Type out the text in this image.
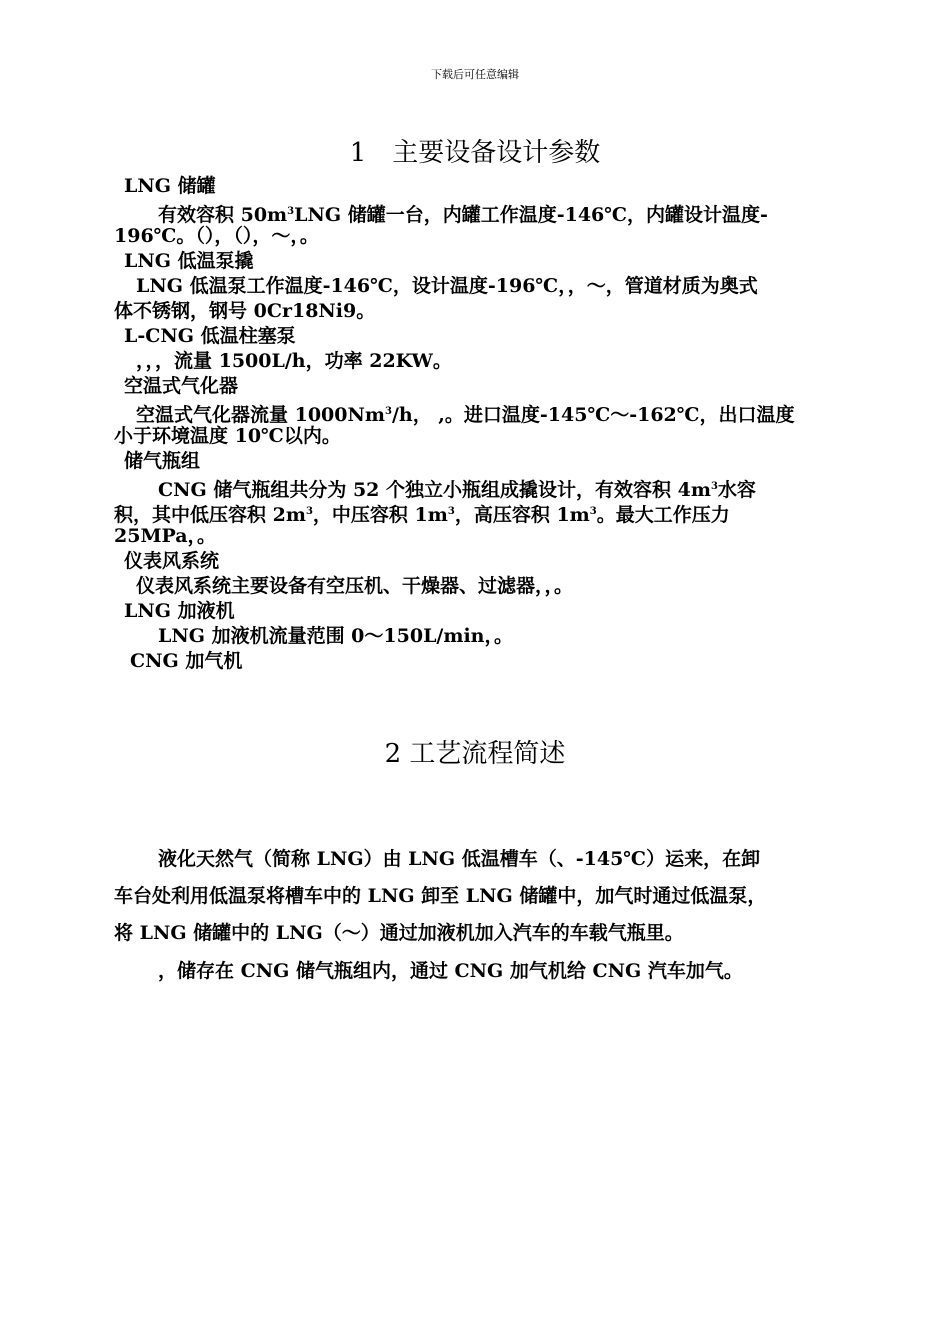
下载后可任意编辑
1　主要设备设计参数
LNG 储罐
有效容积 $50m^3LNG$ 储罐一台，内罐工作温度-146℃，内罐设计温度-
196℃。（），（），～，。
LNG 低温泵撬
LNG 低温泵工作温度-146℃，设计温度-196℃，，～，管道材质为奥式
体不锈钢，钢号 0Cr18Ni9。
L-CNG 低温柱塞泵
，，，流量 1500L/h，功率 22KW。
空温式气化器
空温式气化器流量 1000Nm$^3$/h， ,。进口温度-145℃～-162℃，出口温度
小于环境温度 10℃以内。
储气瓶组
CNG 储气瓶组共分为 52 个独立小瓶组成撬设计，有效容积 $4m^3$水容
积，其中低压容积 $2m^3$，中压容积 $1m^3$，高压容积 $1m^3$。最大工作压力
25MPa，。
仪表风系统
仪表风系统主要设备有空压机、干燥器、过滤器，，。
LNG 加液机
LNG 加液机流量范围 0～150L/min，。
CNG 加气机
2 工艺流程简述
液化天然气（简称 LNG）由 LNG 低温槽车（、-145℃）运来，在卸
车台处利用低温泵将槽车中的 LNG 卸至 LNG 储罐中，加气时通过低温泵，
将 LNG 储罐中的 LNG（～）通过加液机加入汽车的车载气瓶里。
，储存在 CNG 储气瓶组内，通过 CNG 加气机给 CNG 汽车加气。
